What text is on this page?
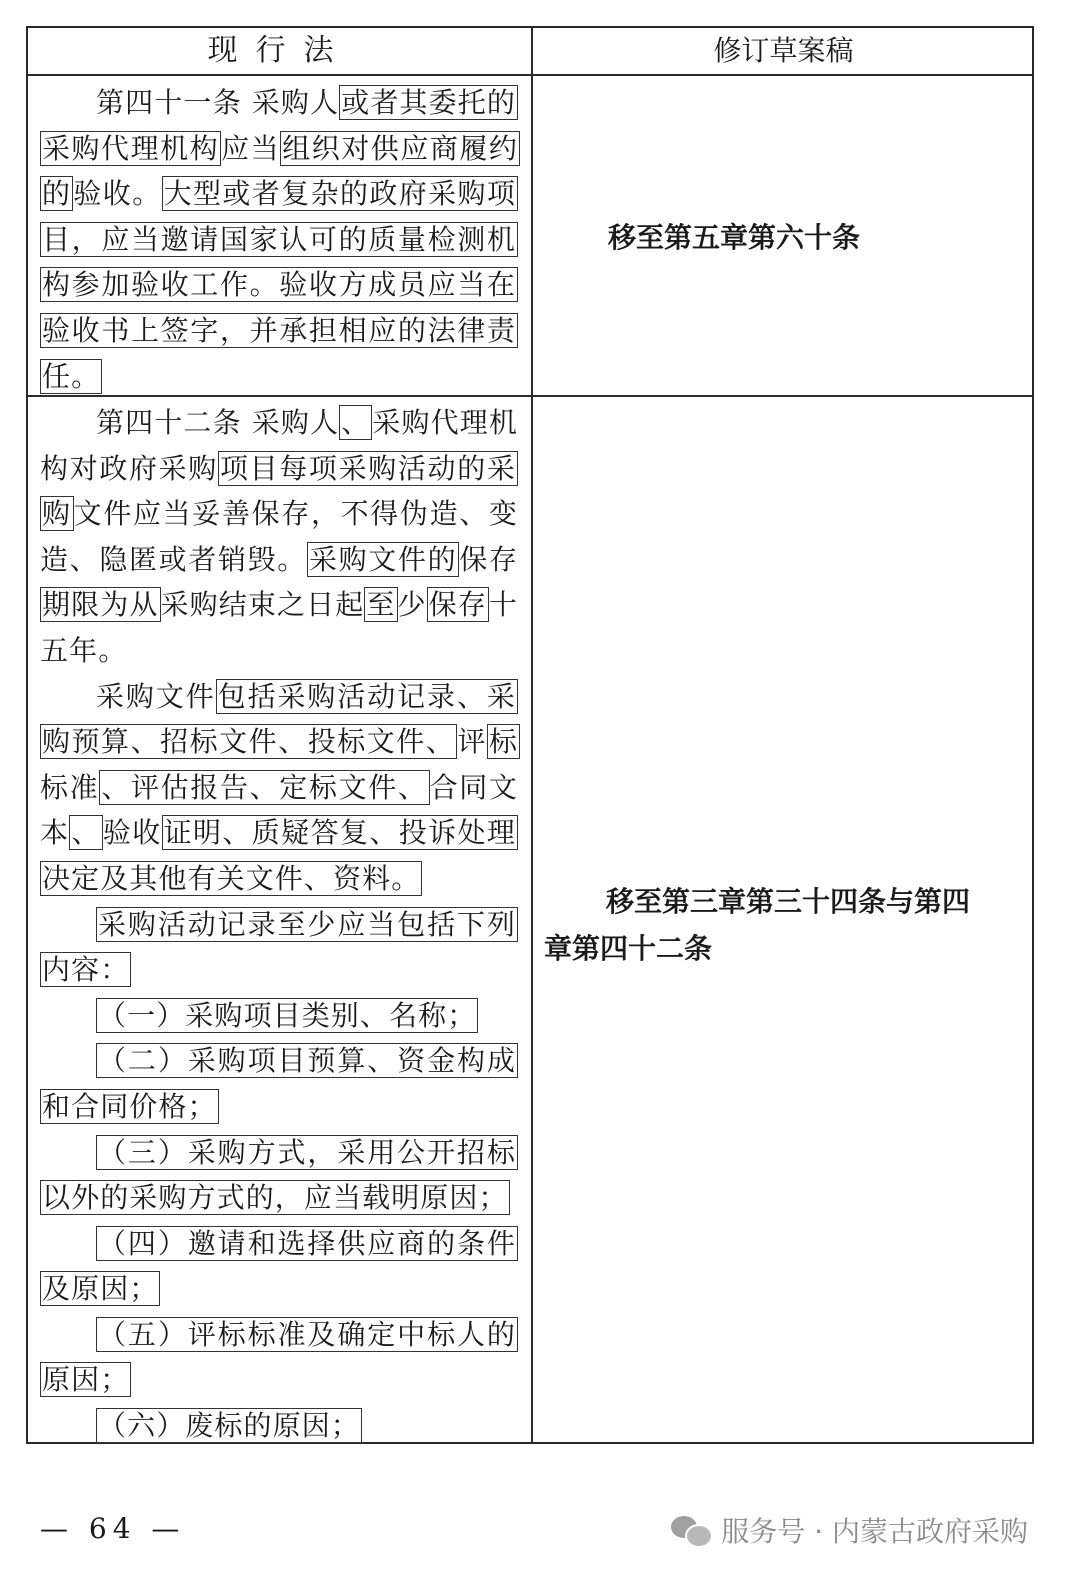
现行法	修订草案稿

第四十一条 采购人或者其委托的采购代理机构应当组织对供应商履约的验收。大型或者复杂的政府采购项目，应当邀请国家认可的质量检测机构参加验收工作。验收方成员应当在验收书上签字，并承担相应的法律责任。

移至第五章第六十条

第四十二条 采购人、采购代理机构对政府采购项目每项采购活动的采购文件应当妥善保存，不得伪造、变造、隐匿或者销毁。采购文件的保存期限为从采购结束之日起至少保存十五年。

采购文件包括采购活动记录、采购预算、招标文件、投标文件、评标标准、评估报告、定标文件、合同文本、验收证明、质疑答复、投诉处理决定及其他有关文件、资料。

采购活动记录至少应当包括下列内容：

（一）采购项目类别、名称；

（二）采购项目预算、资金构成和合同价格；

（三）采购方式，采用公开招标以外的采购方式的，应当载明原因；

（四）邀请和选择供应商的条件及原因；

（五）评标标准及确定中标人的原因；

（六）废标的原因；

移至第三章第三十四条与第四
章第四十二条
— 64 —	服务号 · 内蒙古政府采购
